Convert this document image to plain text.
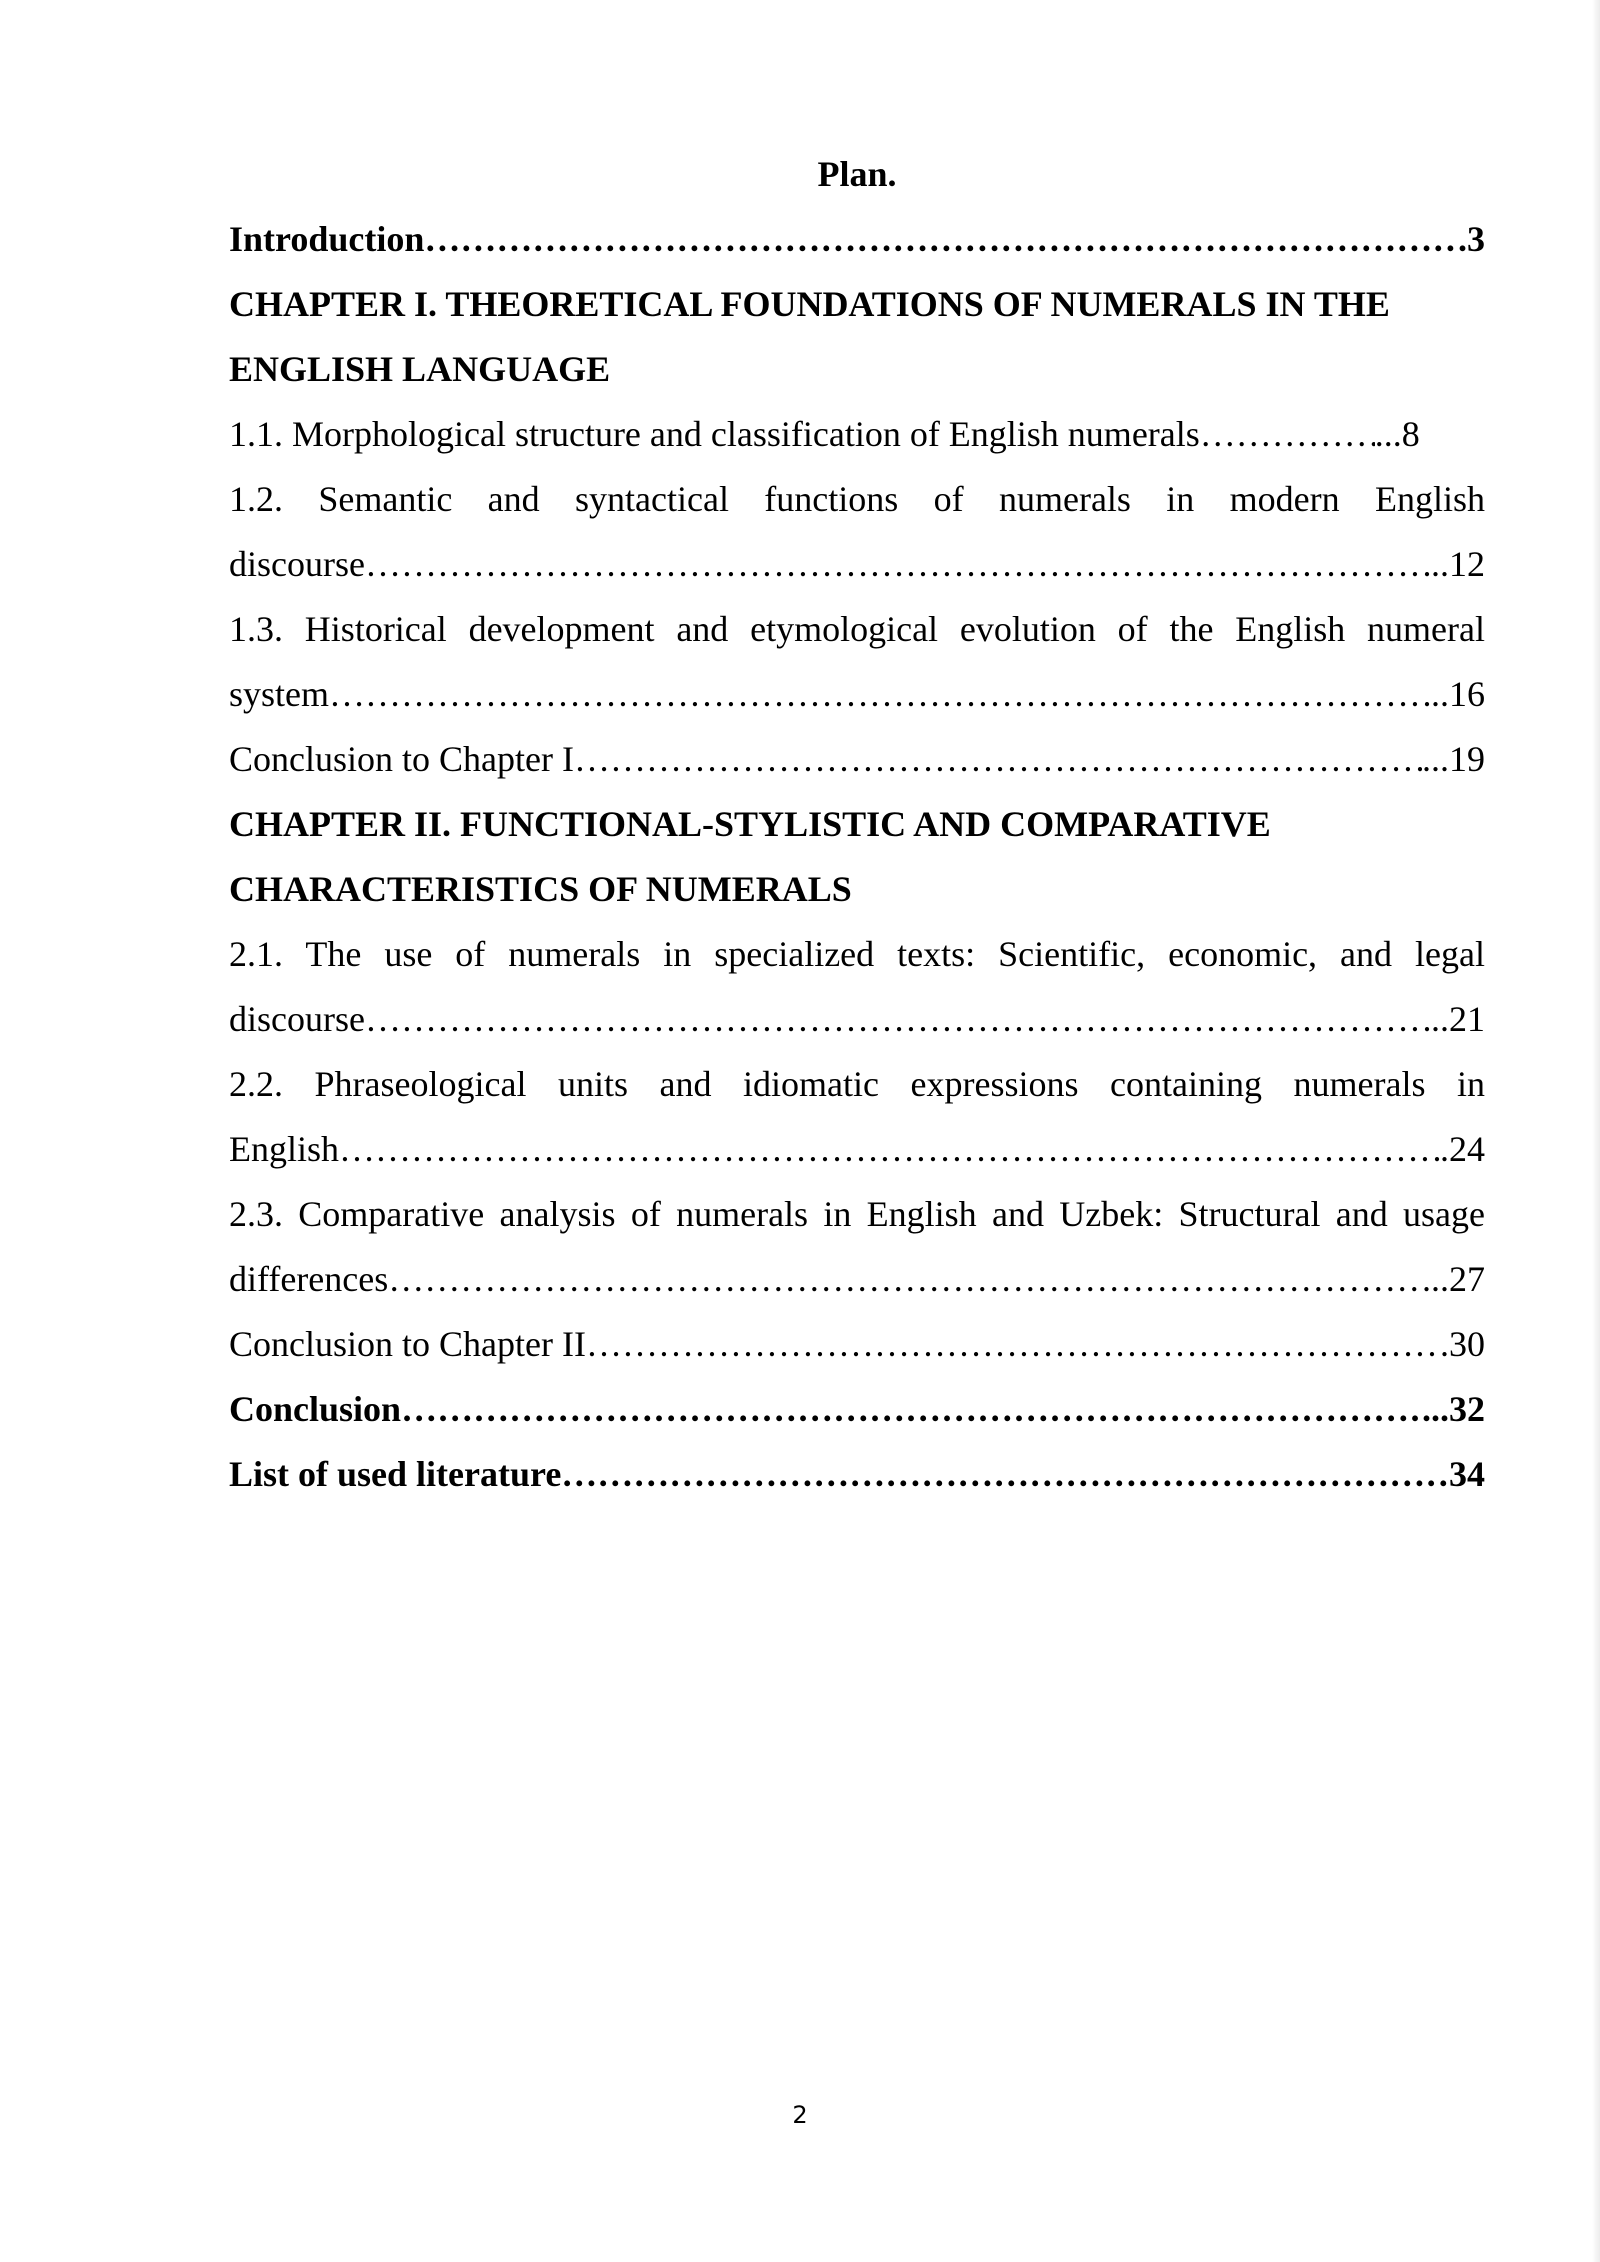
Plan.
Introduction …………………………………………………………………………………………………………………………………………………………………………………………	.3
CHAPTER I. THEORETICAL FOUNDATIONS OF NUMERALS IN THE
ENGLISH LANGUAGE
1.1. Morphological structure and classification of English numerals …………………………………………………………………………………………………………………………………………………………………………………………	...8
1.2. Semantic and syntactical functions of numerals in modern English
discourse …………………………………………………………………………………………………………………………………………………………………………………………	..12
1.3. Historical development and etymological evolution of the English numeral
system …………………………………………………………………………………………………………………………………………………………………………………………	..16
Conclusion to Chapter I …………………………………………………………………………………………………………………………………………………………………………………………	...19
CHAPTER II. FUNCTIONAL-STYLISTIC AND COMPARATIVE
CHARACTERISTICS OF NUMERALS
2.1. The use of numerals in specialized texts: Scientific, economic, and legal
discourse …………………………………………………………………………………………………………………………………………………………………………………………	..21
2.2. Phraseological units and idiomatic expressions containing numerals in
English …………………………………………………………………………………………………………………………………………………………………………………………	.24
2.3. Comparative analysis of numerals in English and Uzbek: Structural and usage
differences …………………………………………………………………………………………………………………………………………………………………………………………	...27
Conclusion to Chapter II …………………………………………………………………………………………………………………………………………………………………………………………	.30
Conclusion …………………………………………………………………………………………………………………………………………………………………………………………	...32
List of used literature …………………………………………………………………………………………………………………………………………………………………………………………	34
2
